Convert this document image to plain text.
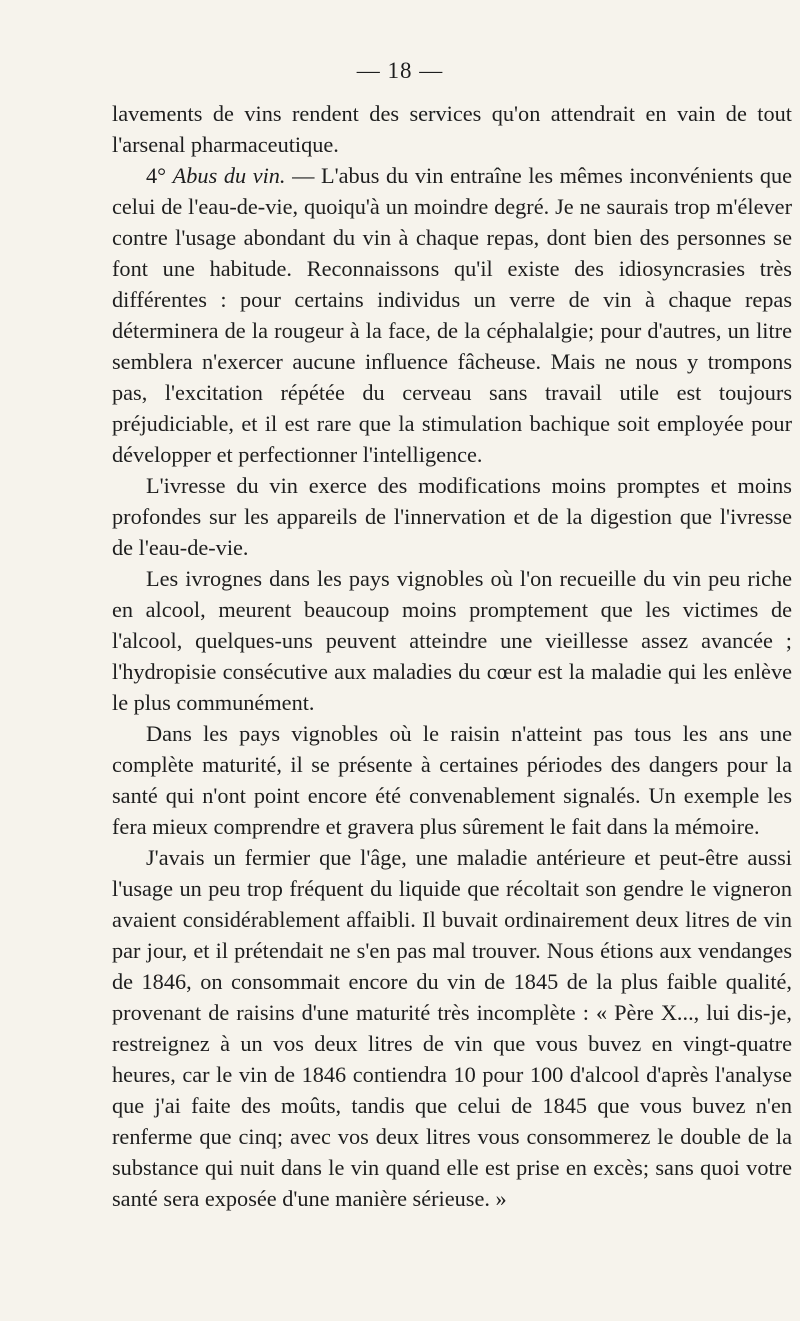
— 18 —

lavements de vins rendent des services qu'on attendrait en vain de tout l'arsenal pharmaceutique.

4° Abus du vin. — L'abus du vin entraîne les mêmes inconvénients que celui de l'eau-de-vie, quoiqu'à un moindre degré. Je ne saurais trop m'élever contre l'usage abondant du vin à chaque repas, dont bien des personnes se font une habitude. Reconnaissons qu'il existe des idiosyncrasies très différentes : pour certains individus un verre de vin à chaque repas déterminera de la rougeur à la face, de la céphalalgie; pour d'autres, un litre semblera n'exercer aucune influence fâcheuse. Mais ne nous y trompons pas, l'excitation répétée du cerveau sans travail utile est toujours préjudiciable, et il est rare que la stimulation bachique soit employée pour développer et perfectionner l'intelligence.

L'ivresse du vin exerce des modifications moins promptes et moins profondes sur les appareils de l'innervation et de la digestion que l'ivresse de l'eau-de-vie.

Les ivrognes dans les pays vignobles où l'on recueille du vin peu riche en alcool, meurent beaucoup moins promptement que les victimes de l'alcool, quelques-uns peuvent atteindre une vieillesse assez avancée ; l'hydropisie consécutive aux maladies du cœur est la maladie qui les enlève le plus communément.

Dans les pays vignobles où le raisin n'atteint pas tous les ans une complète maturité, il se présente à certaines périodes des dangers pour la santé qui n'ont point encore été convenablement signalés. Un exemple les fera mieux comprendre et gravera plus sûrement le fait dans la mémoire.

J'avais un fermier que l'âge, une maladie antérieure et peut-être aussi l'usage un peu trop fréquent du liquide que récoltait son gendre le vigneron avaient considérablement affaibli. Il buvait ordinairement deux litres de vin par jour, et il prétendait ne s'en pas mal trouver. Nous étions aux vendanges de 1846, on consommait encore du vin de 1845 de la plus faible qualité, provenant de raisins d'une maturité très incomplète : « Père X..., lui dis-je, restreignez à un vos deux litres de vin que vous buvez en vingt-quatre heures, car le vin de 1846 contiendra 10 pour 100 d'alcool d'après l'analyse que j'ai faite des moûts, tandis que celui de 1845 que vous buvez n'en renferme que cinq; avec vos deux litres vous consommerez le double de la substance qui nuit dans le vin quand elle est prise en excès; sans quoi votre santé sera exposée d'une manière sérieuse. »
